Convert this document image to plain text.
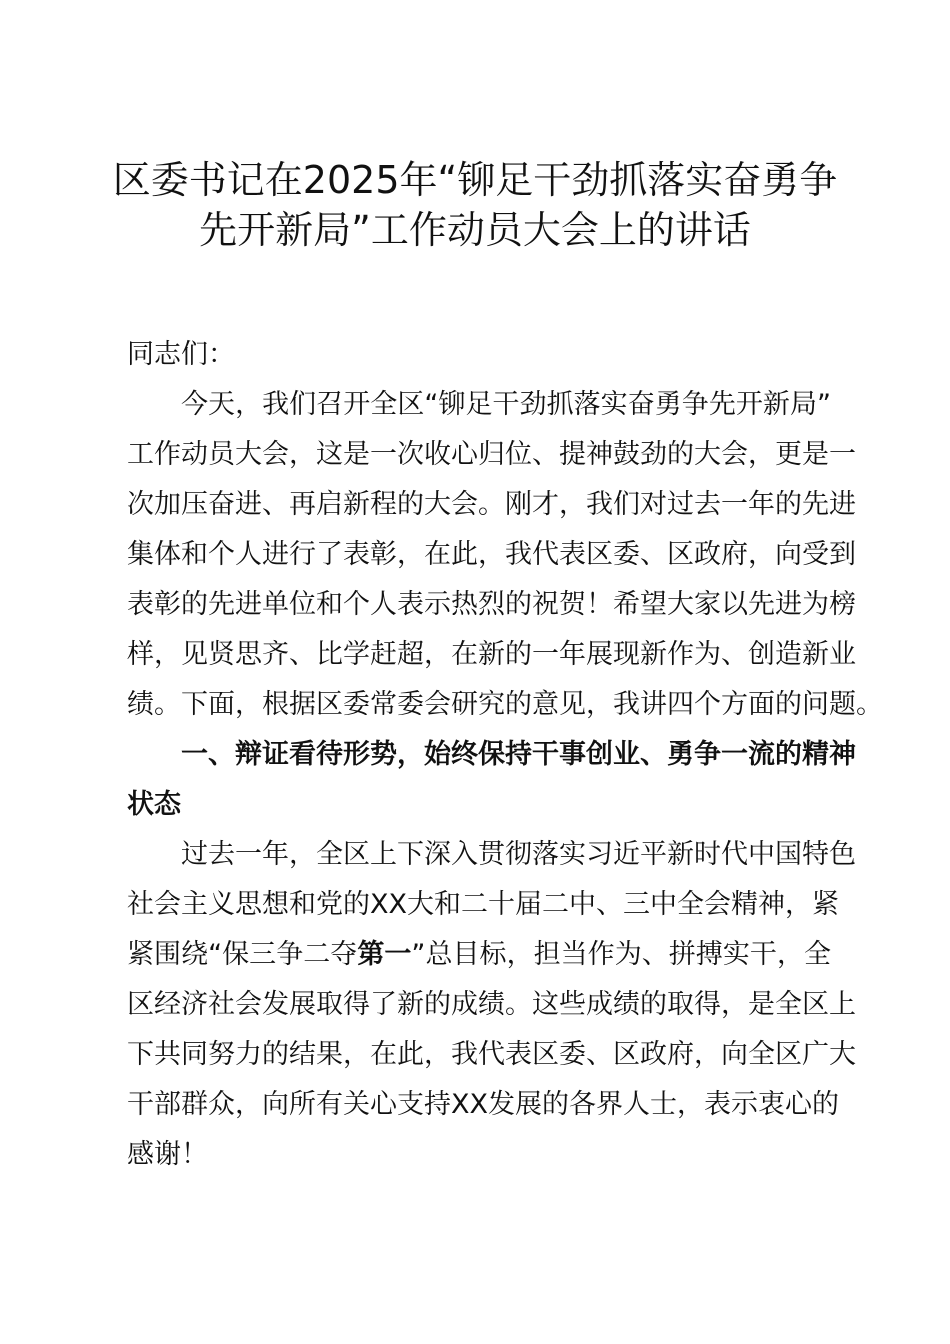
区委书记在2025年“铆足干劲抓落实奋勇争
先开新局”工作动员大会上的讲话
同志们：
今天，我们召开全区“铆足干劲抓落实奋勇争先开新局”
工作动员大会，这是一次收心归位、提神鼓劲的大会，更是一
次加压奋进、再启新程的大会。刚才，我们对过去一年的先进
集体和个人进行了表彰，在此，我代表区委、区政府，向受到
表彰的先进单位和个人表示热烈的祝贺！希望大家以先进为榜
样，见贤思齐、比学赶超，在新的一年展现新作为、创造新业
绩。下面，根据区委常委会研究的意见，我讲四个方面的问题。
一、辩证看待形势，始终保持干事创业、勇争一流的精神
状态
过去一年，全区上下深入贯彻落实习近平新时代中国特色
社会主义思想和党的XX大和二十届二中、三中全会精神，紧
紧围绕“保三争二夺第一”总目标，担当作为、拼搏实干，全
区经济社会发展取得了新的成绩。这些成绩的取得，是全区上
下共同努力的结果，在此，我代表区委、区政府，向全区广大
干部群众，向所有关心支持XX发展的各界人士，表示衷心的
感谢！
